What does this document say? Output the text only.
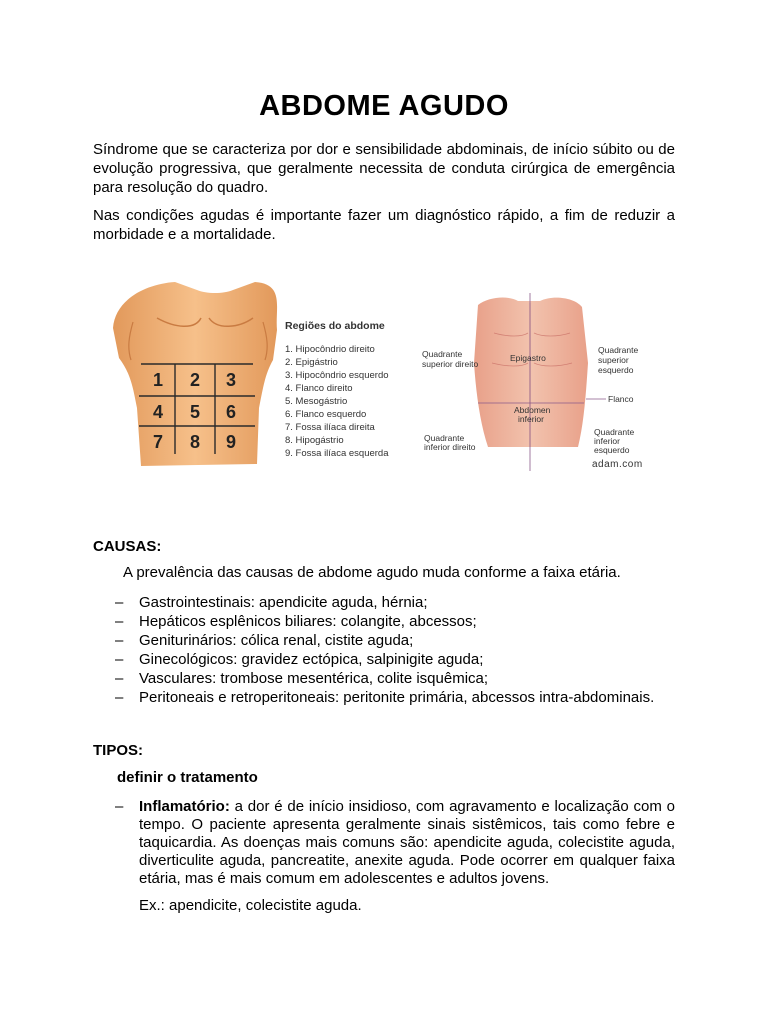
ABDOME AGUDO
Síndrome que se caracteriza por dor e sensibilidade abdominais, de início súbito ou de evolução progressiva, que geralmente necessita de conduta cirúrgica de emergência para resolução do quadro.
Nas condições agudas é importante fazer um diagnóstico rápido, a fim de reduzir a morbidade e a mortalidade.
1 2 3
4 5 6
7 8 9
Regiões do abdome
1. Hipocôndrio direito
2. Epigástrio
3. Hipocôndrio esquerdo
4. Flanco direito
5. Mesogástrio
6. Flanco esquerdo
7. Fossa ilíaca direita
8. Hipogástrio
9. Fossa ilíaca esquerda
Quadrante
superior direito
Quadrante
superior
esquerdo
Epigastro
Abdomen
inferior
Flanco
Quadrante
inferior direito
Quadrante
inferior
esquerdo
adam.com
CAUSAS:
A prevalência das causas de abdome agudo muda conforme a faixa etária.
– Gastrointestinais: apendicite aguda, hérnia;
– Hepáticos esplênicos biliares: colangite, abcessos;
– Geniturinários: cólica renal, cistite aguda;
– Ginecológicos: gravidez ectópica, salpinigite aguda;
– Vasculares: trombose mesentérica, colite isquêmica;
– Peritoneais e retroperitoneais: peritonite primária, abcessos intra-abdominais.
TIPOS:
definir o tratamento
– Inflamatório: a dor é de início insidioso, com agravamento e localização com o tempo. O paciente apresenta geralmente sinais sistêmicos, tais como febre e taquicardia. As doenças mais comuns são: apendicite aguda, colecistite aguda, diverticulite aguda, pancreatite, anexite aguda. Pode ocorrer em qualquer faixa etária, mas é mais comum em adolescentes e adultos jovens.
Ex.: apendicite, colecistite aguda.
